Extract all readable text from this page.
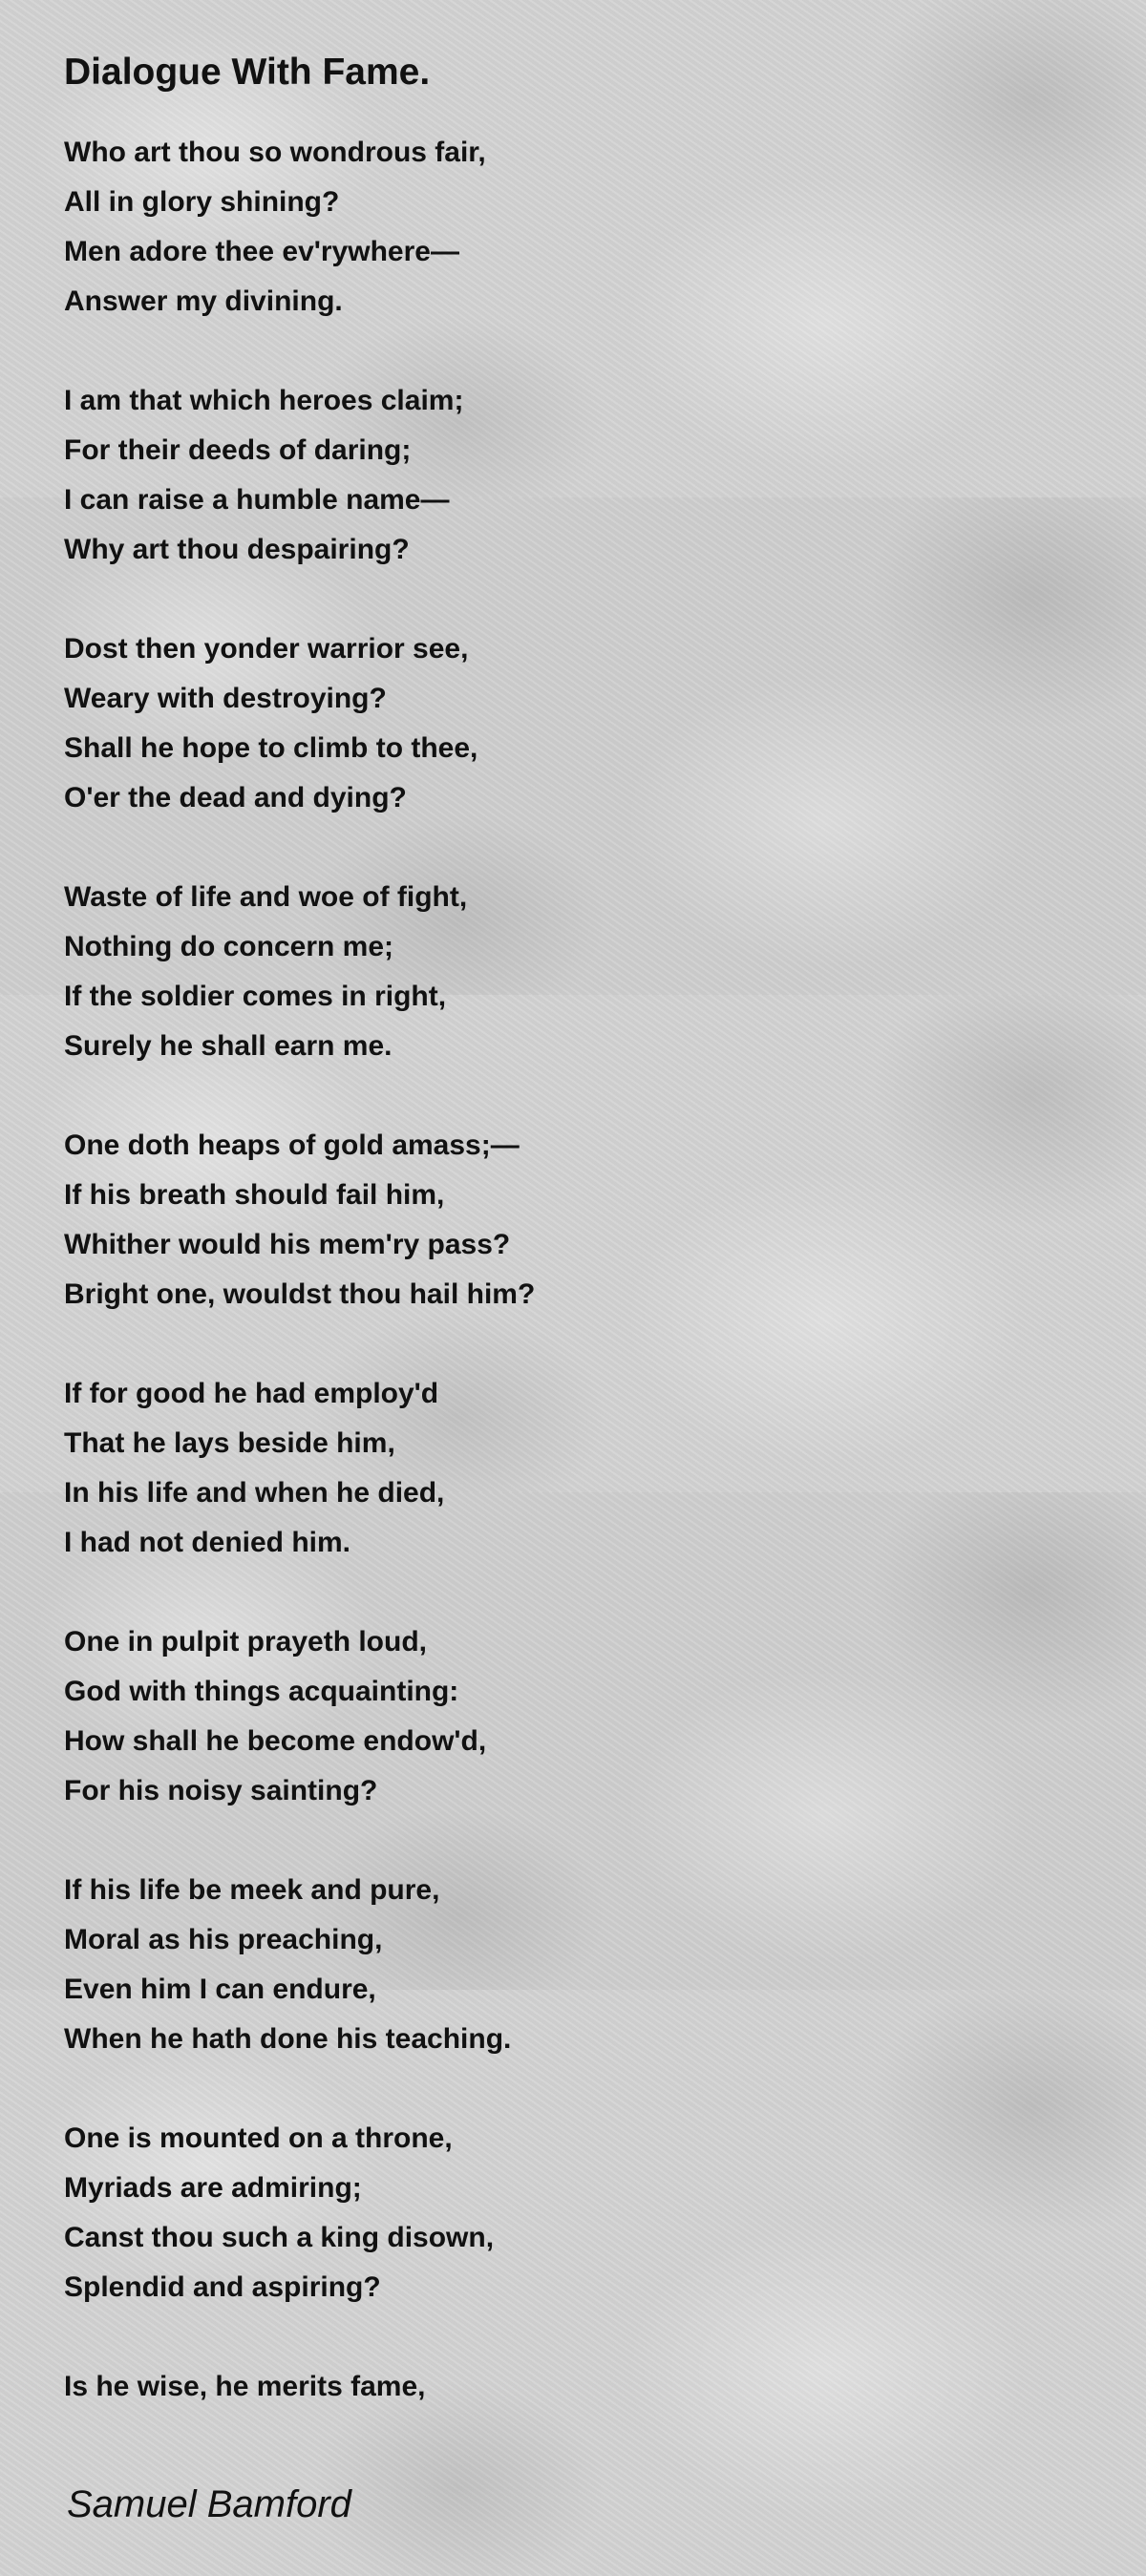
Dialogue With Fame.
Who art thou so wondrous fair,
All in glory shining?
Men adore thee ev'rywhere—
Answer my divining.
I am that which heroes claim;
For their deeds of daring;
I can raise a humble name—
Why art thou despairing?
Dost then yonder warrior see,
Weary with destroying?
Shall he hope to climb to thee,
O'er the dead and dying?
Waste of life and woe of fight,
Nothing do concern me;
If the soldier comes in right,
Surely he shall earn me.
One doth heaps of gold amass;—
If his breath should fail him,
Whither would his mem'ry pass?
Bright one, wouldst thou hail him?
If for good he had employ'd
That he lays beside him,
In his life and when he died,
I had not denied him.
One in pulpit prayeth loud,
God with things acquainting:
How shall he become endow'd,
For his noisy sainting?
If his life be meek and pure,
Moral as his preaching,
Even him I can endure,
When he hath done his teaching.
One is mounted on a throne,
Myriads are admiring;
Canst thou such a king disown,
Splendid and aspiring?
Is he wise, he merits fame,
Samuel Bamford
